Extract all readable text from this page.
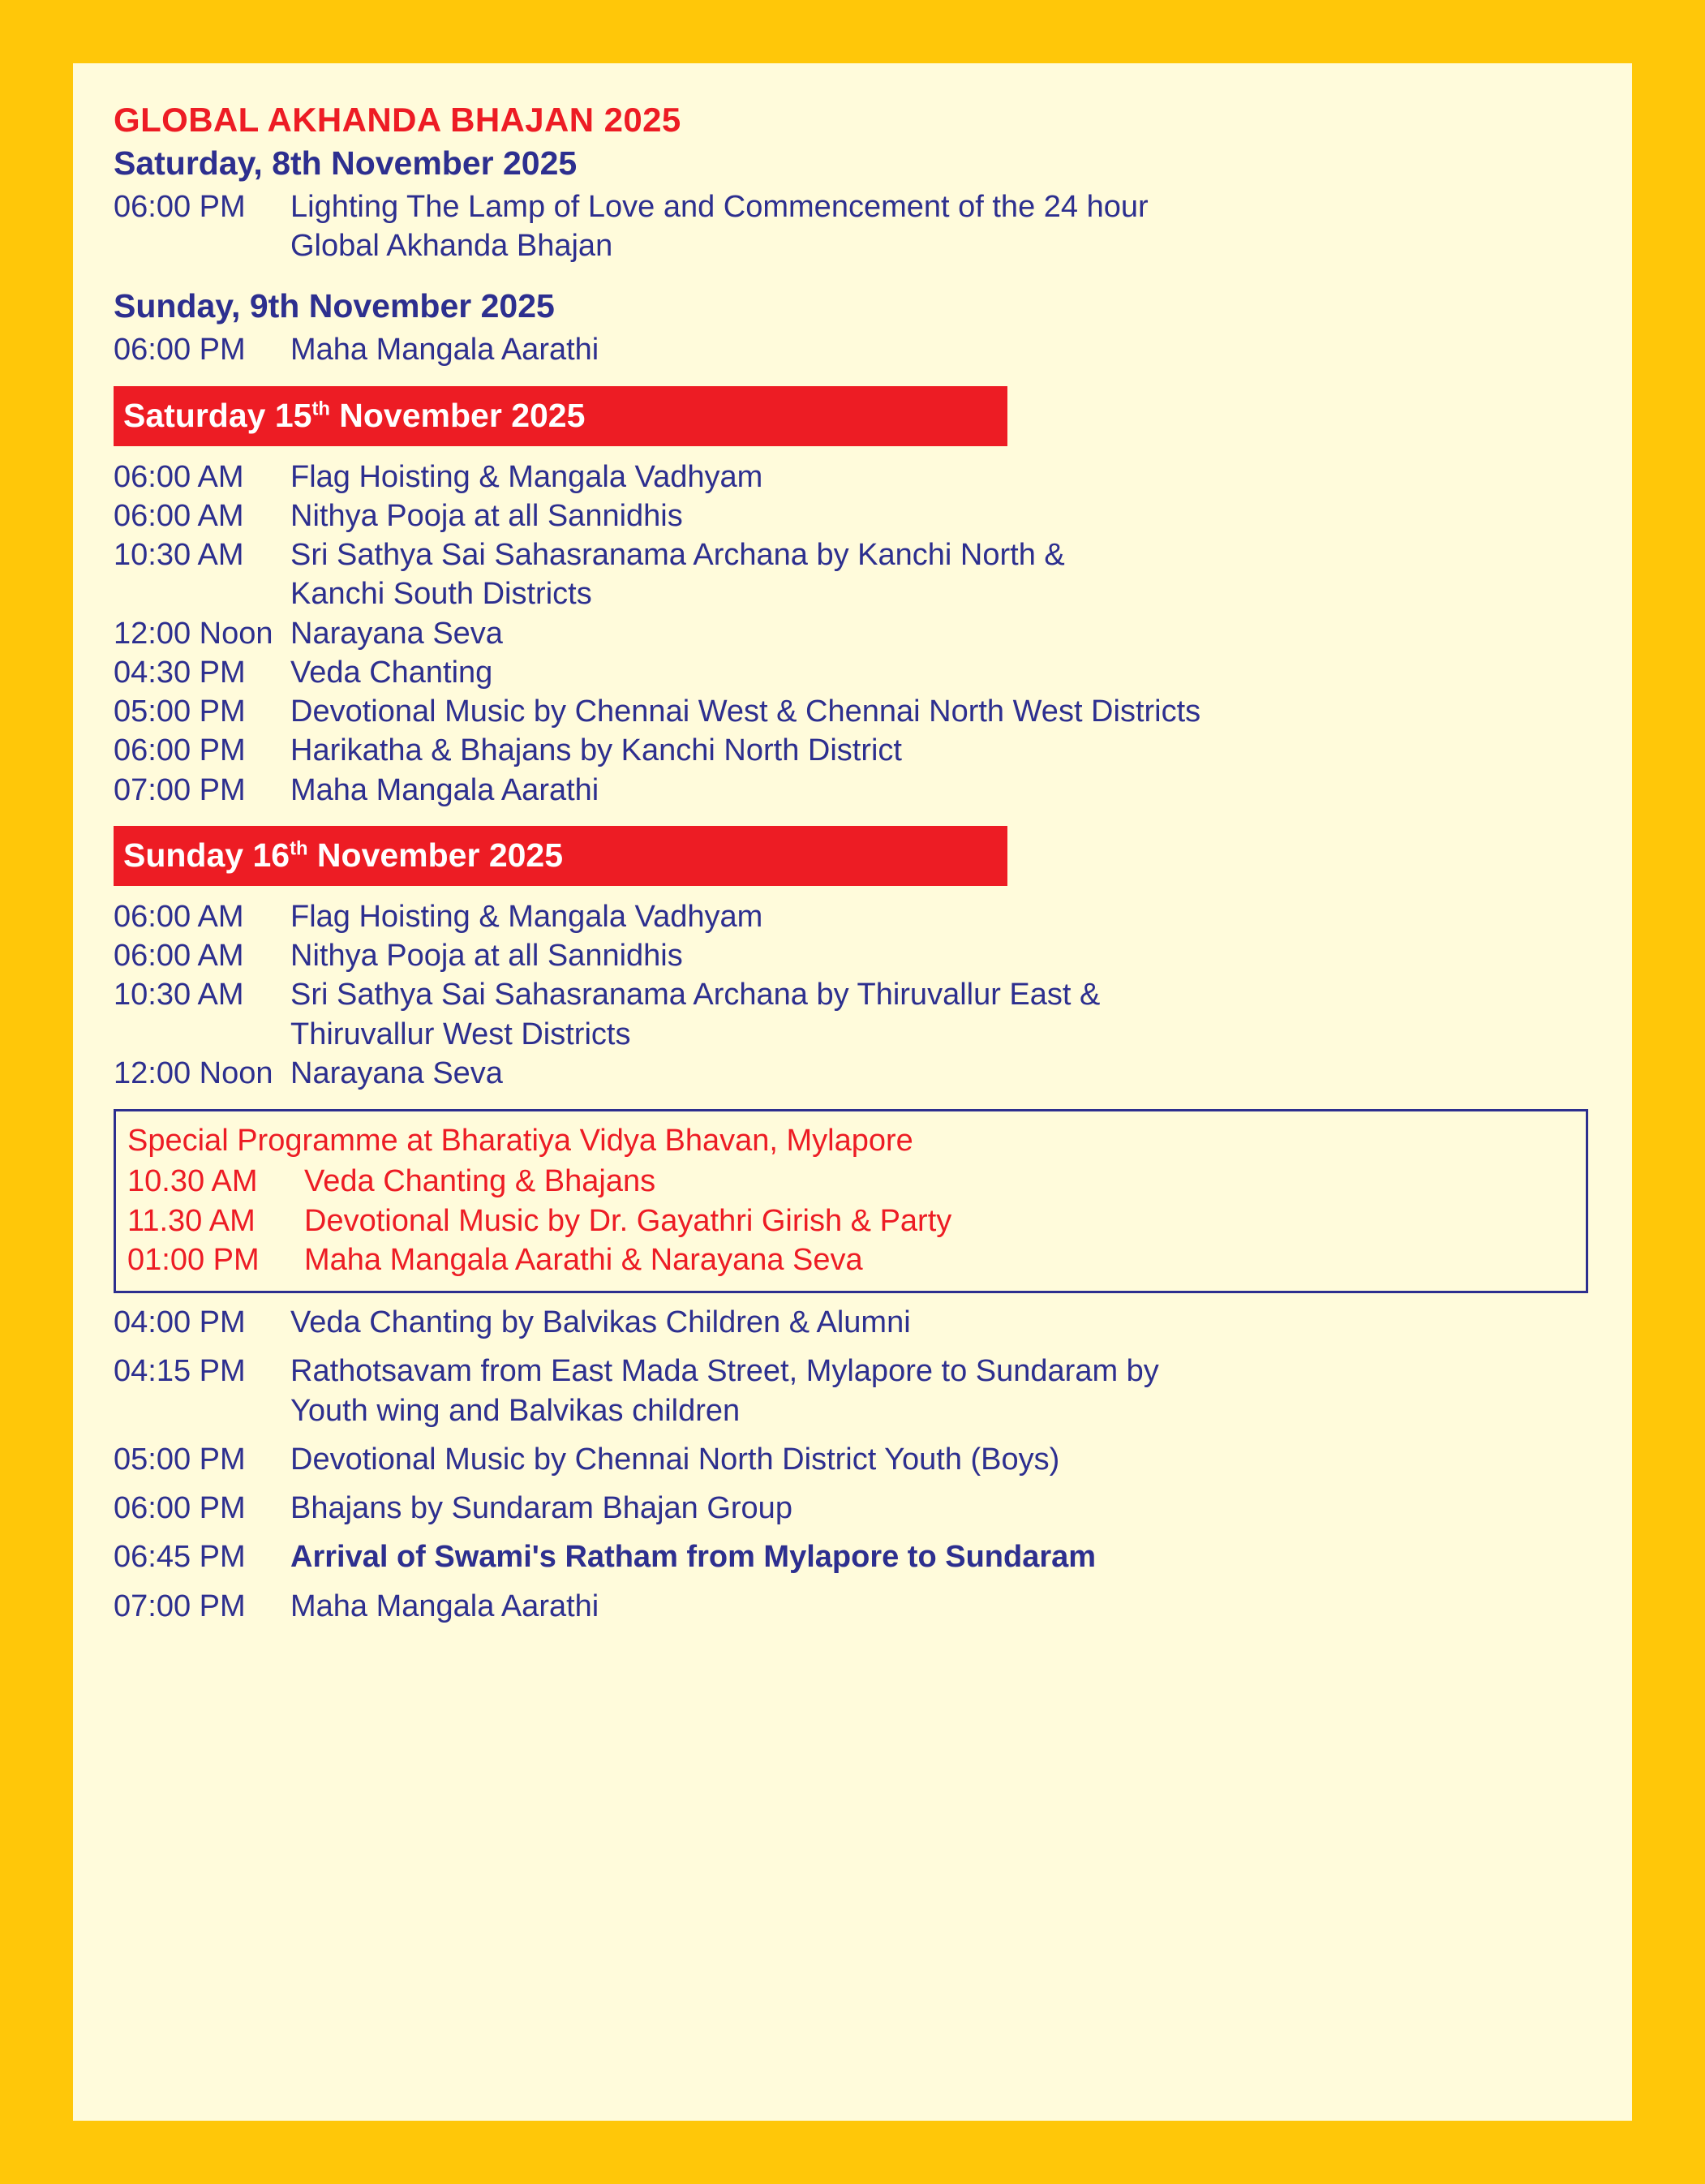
GLOBAL AKHANDA BHAJAN 2025
Saturday, 8th November 2025
06:00 PM	Lighting The Lamp of Love and Commencement of the 24 hour
Global Akhanda Bhajan
Sunday, 9th November 2025
06:00 PM	Maha Mangala Aarathi
Saturday 15th November 2025
06:00 AM	Flag Hoisting & Mangala Vadhyam
06:00 AM	Nithya Pooja at all Sannidhis
10:30 AM	Sri Sathya Sai Sahasranama Archana by Kanchi North &
Kanchi South Districts
12:00 Noon Narayana Seva
04:30 PM	Veda Chanting
05:00 PM	Devotional Music by Chennai West & Chennai North West Districts
06:00 PM	Harikatha & Bhajans by Kanchi North District
07:00 PM	Maha Mangala Aarathi
Sunday 16th November 2025
06:00 AM	Flag Hoisting & Mangala Vadhyam
06:00 AM	Nithya Pooja at all Sannidhis
10:30 AM	Sri Sathya Sai Sahasranama Archana by Thiruvallur East &
Thiruvallur West Districts
12:00 Noon Narayana Seva
Special Programme at Bharatiya Vidya Bhavan, Mylapore
10.30 AM	Veda Chanting & Bhajans
11.30 AM	Devotional Music by Dr. Gayathri Girish & Party
01:00 PM	Maha Mangala Aarathi & Narayana Seva
04:00 PM	Veda Chanting by Balvikas Children & Alumni
04:15 PM	Rathotsavam from East Mada Street, Mylapore to Sundaram by
Youth wing and Balvikas children
05:00 PM	Devotional Music by Chennai North District Youth (Boys)
06:00 PM	Bhajans by Sundaram Bhajan Group
06:45 PM	Arrival of Swami's Ratham from Mylapore to Sundaram
07:00 PM	Maha Mangala Aarathi
